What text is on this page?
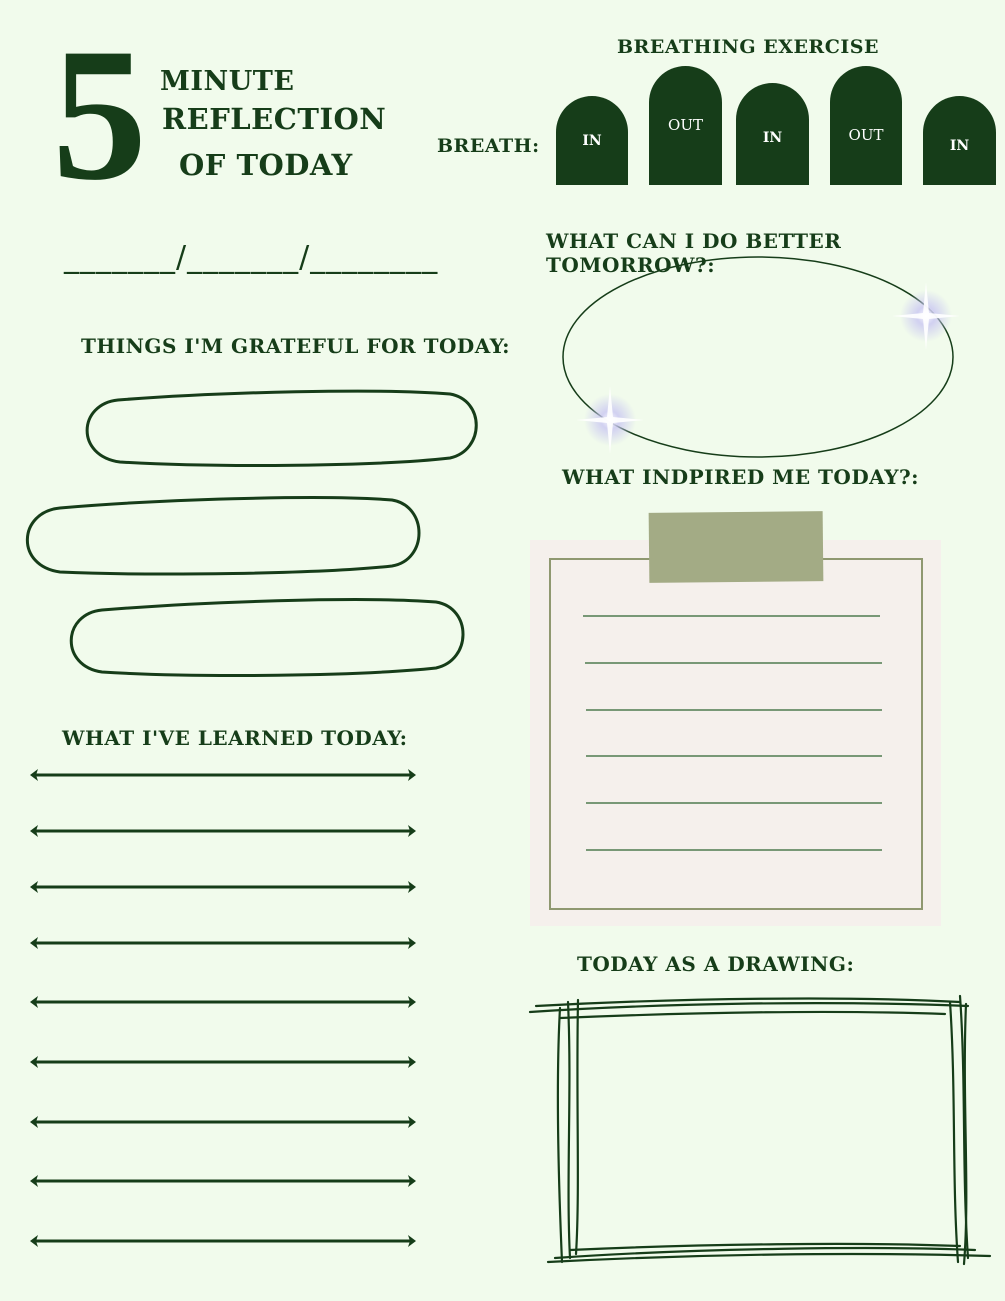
5 MINUTE
REFLECTION
OF TODAY
BREATHING EXERCISE
BREATH:	IN
OUT
IN	OUT
IN
_______/_______/________	WHAT CAN I DO BETTER TOMORROW?:
THINGS I'M GRATEFUL FOR TODAY:
WHAT INDPIRED ME TODAY?:
WHAT I'VE LEARNED TODAY:
TODAY AS A DRAWING:
